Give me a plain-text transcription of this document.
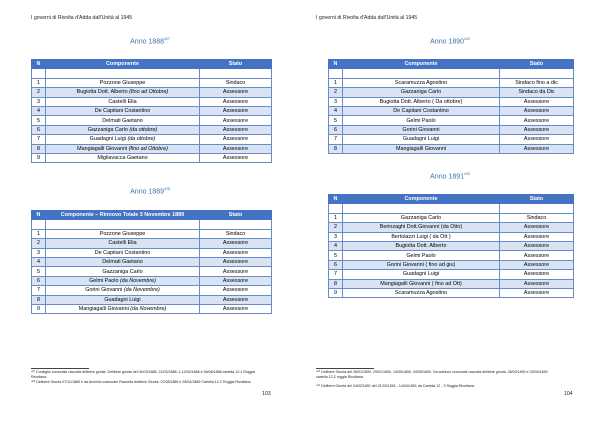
I governi di Rivolta d'Adda dall'Unità al 1945
Anno 1888$^{427}$
N	Componente	Stato

1	Pozzone Giuseppe	Sindaco
2	Bugiotta Dott. Alberto (fino ad Ottobre)	Assessore
3	Castelli Elia	Assessore
4	De Capitani Costantino	Assessore
5	Delmati Gaetano	Assessore
6	Gazzaniga Carlo (da ottobre)	Assessore
7	Guadagni Luigi (da ottobre)	Assessore
8	Mangiagalli Giovanni (fino ad Ottobre)	Assessore
9	Migliavacca Gaetano	Assessore
Anno 1889$^{428}$
N	Componente – Rinnovo Totale 3 Novembre 1889	Stato

1	Pozzone Giuseppe	Sindaco
2	Castelli Elia	Assessore
3	De Capitani Costantino	Assessore
4	Delmati Gaetano	Assessore
5	Gazzaniga Carlo	Assessore
6	Gelmi Paolo (da Novembre)	Assessore
7	Gorini Giovanni (da Novembre)	Assessore
8	Guadagni Luigi	Assessore
9	Mangiagalli Giovanni (da Novembre)	Assessore
⁴²⁷ Consiglio comunale raccolta delibere giunta. Delibere giunta del 04/03/1888, 21/03/1888: 1-12/04/1888 e 06/08/1888 cartella 12-1 Roggia Rivoltana.
⁴²⁸ Delibere Giunta 07/11/1889 e da Archivio comunale Raccolta delibere Giunta. 07/08/1889 e 28/04/1889 Cartella 12-2 Roggia Rivoltana.
103
I governi di Rivolta d'Adda dall'Unità al 1945
Anno 1890$^{429}$
N	Componente	Stato

1	Scaramuzza Agostino	Sindaco fino a dic
2	Gazzaniga Carlo	Sindaco da Dic
3	Bugiotta Dott. Alberto ( Da ottobre)	Assessore
4	De Capitani Costantino	Assessore
5	Gelmi Paolo	Assessore
6	Gorini Giovanni	Assessore
7	Guadagni Luigi	Assessore
8	Mangiagalli Giovanni	Assessore
Anno 1891$^{430}$
N	Componente	Stato

1	Gazzaniga Carlo	Sindaco
2	Berinzaghi Dott.Giovanni (da Otto)	Assessore
3	Bertolazzi Luigi ( da Ott )	Assessore
4	Bugiotta Dott. Alberto	Assessore
5	Gelmi Paolo	Assessore
6	Gorini Giovanni ( fino ad giu)	Assessore
7	Guadagni Luigi	Assessore
8	Mangiagalli Giovanni ( fino ad Ott)	Assessore
9	Scaramuzza Agostino	Assessore
⁴²⁹ Delibere Giunta del 26/01/1890, 29/01/1890, 14/05/1890, 04/05/1890. Da archivio comunale raccolta delibere giunta. 28/03/1890 e 29/04/1890 cartella 12-2 roggia Rivoltana.
⁴³⁰ Delibere Giunta del 04/02/1891 del 21/03/1891 - 14/04/1891 da Cartella 12 - 3 Roggia Rivoltana.
104
